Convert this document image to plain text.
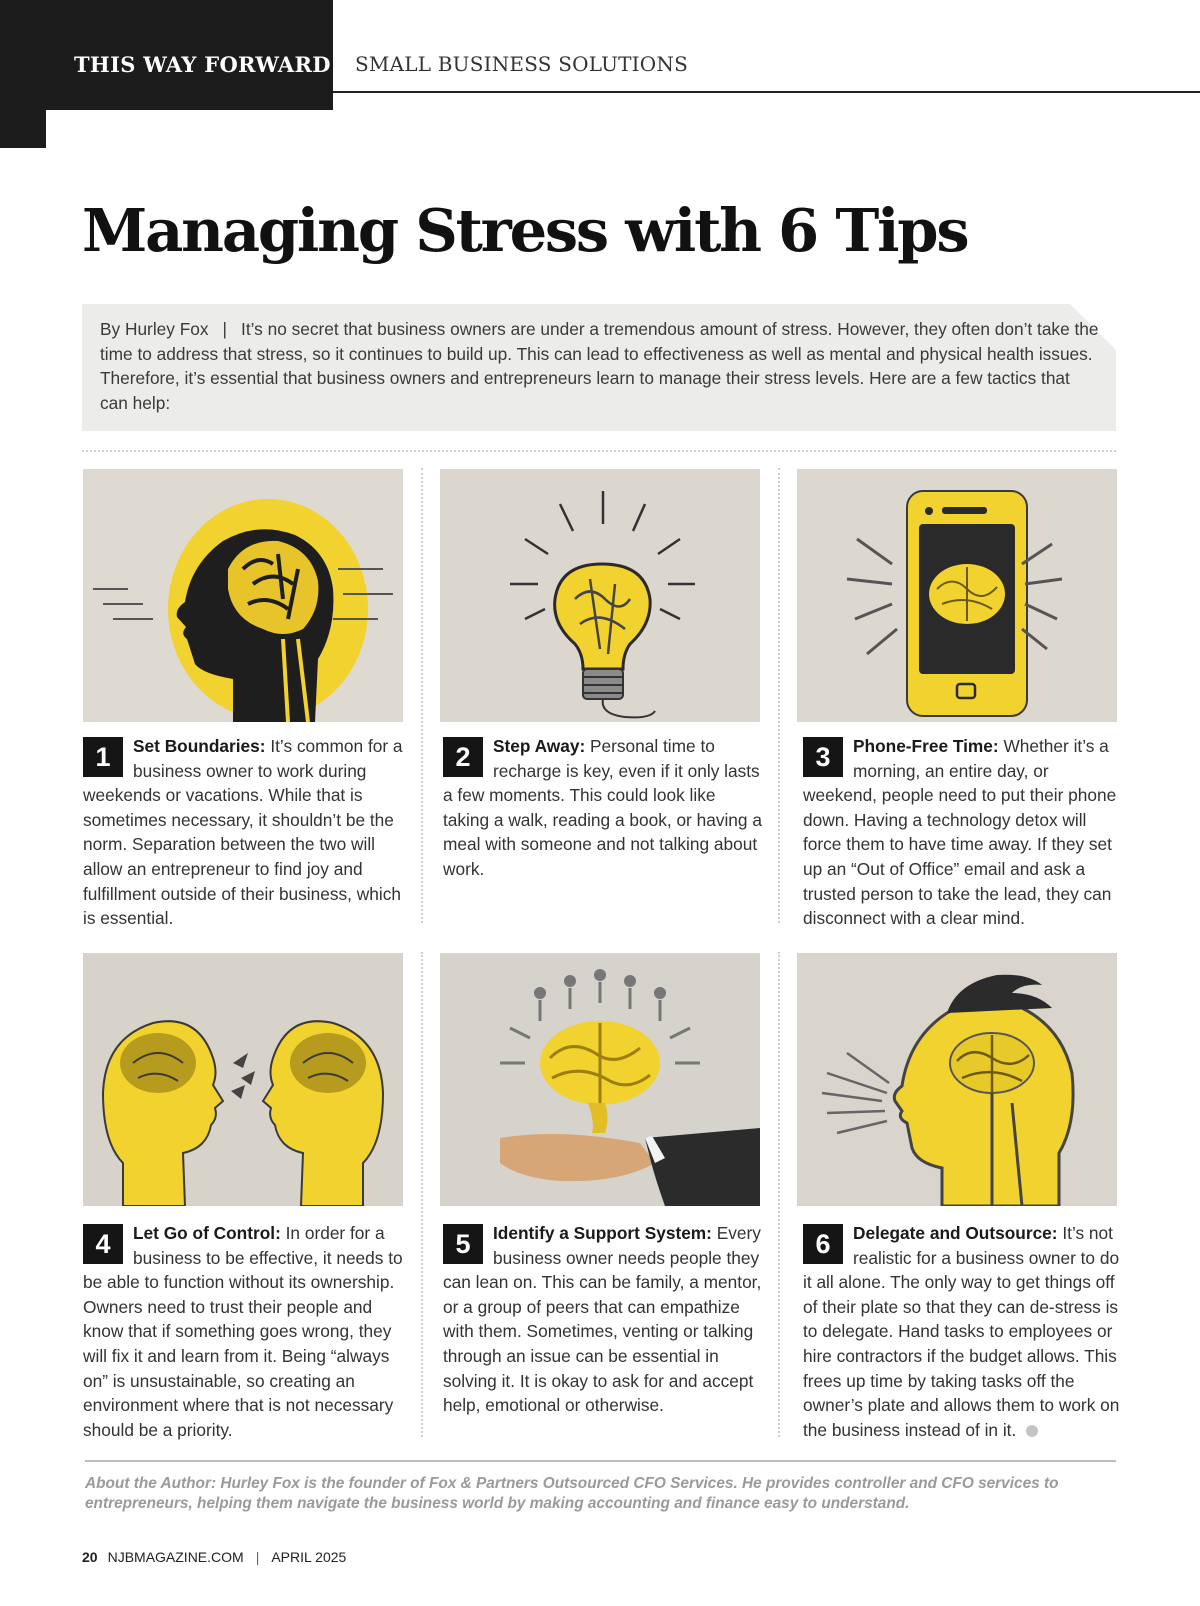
THIS WAY FORWARD SMALL BUSINESS SOLUTIONS
Managing Stress with 6 Tips

By Hurley Fox | It’s no secret that business owners are under a tremendous amount of stress. However, they often don’t take the time to address that stress, so it continues to build up. This can lead to effectiveness as well as mental and physical health issues. Therefore, it’s essential that business owners and entrepreneurs learn to manage their stress levels. Here are a few tactics that can help:

1	Set Boundaries: It’s common for a business owner to work during weekends or vacations. While that is sometimes necessary, it shouldn’t be the norm. Separation between the two will allow an entrepreneur to find joy and fulfillment outside of their business, which is essential.
2	Step Away: Personal time to recharge is key, even if it only lasts a few moments. This could look like taking a walk, reading a book, or having a meal with someone and not talking about work.
3	Phone-Free Time: Whether it’s a morning, an entire day, or weekend, people need to put their phone down. Having a technology detox will force them to have time away. If they set up an “Out of Office” email and ask a trusted person to take the lead, they can disconnect with a clear mind.
4	Let Go of Control: In order for a business to be effective, it needs to be able to function without its ownership. Owners need to trust their people and know that if something goes wrong, they will fix it and learn from it. Being “always on” is unsustainable, so creating an environment where that is not necessary should be a priority.
5	Identify a Support System: Every business owner needs people they can lean on. This can be family, a mentor, or a group of peers that can empathize with them. Sometimes, venting or talking through an issue can be essential in solving it. It is okay to ask for and accept help, emotional or otherwise.
6	Delegate and Outsource: It’s not realistic for a business owner to do it all alone. The only way to get things off of their plate so that they can de-stress is to delegate. Hand tasks to employees or hire contractors if the budget allows. This frees up time by taking tasks off the owner’s plate and allows them to work on the business instead of in it.

About the Author: Hurley Fox is the founder of Fox & Partners Outsourced CFO Services. He provides controller and CFO services to entrepreneurs, helping them navigate the business world by making accounting and finance easy to understand.

20 NJBMAGAZINE.COM | APRIL 2025
